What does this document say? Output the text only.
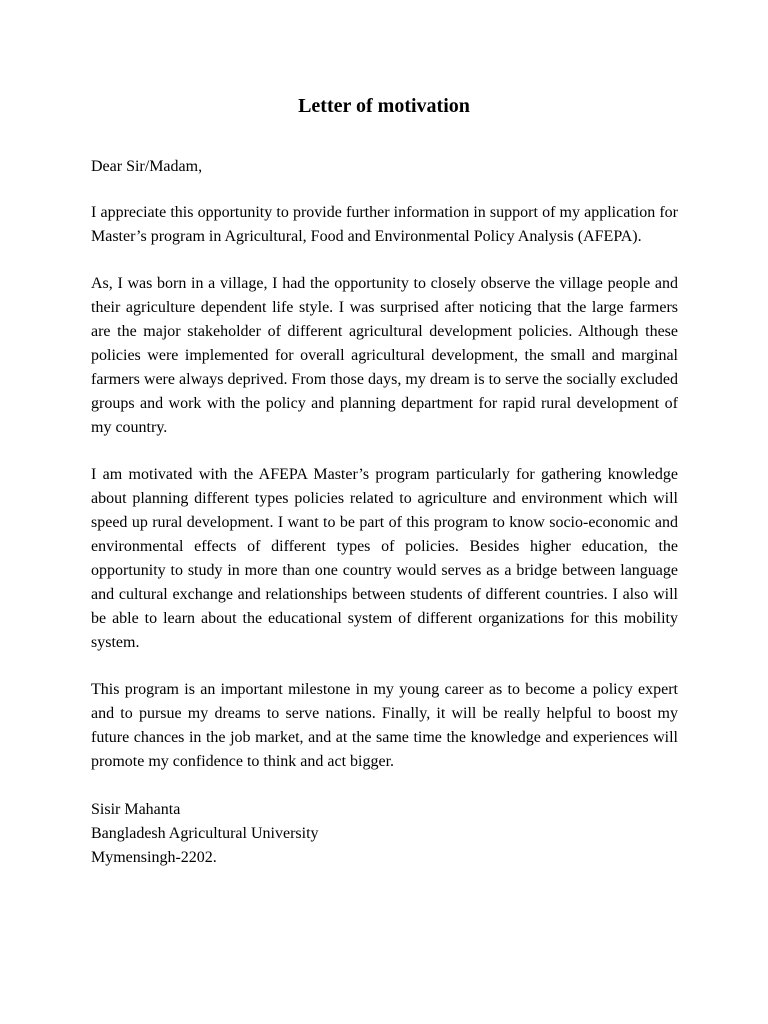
Letter of motivation

Dear Sir/Madam,

I appreciate this opportunity to provide further information in support of my application for Master’s program in Agricultural, Food and Environmental Policy Analysis (AFEPA).

As, I was born in a village, I had the opportunity to closely observe the village people and their agriculture dependent life style. I was surprised after noticing that the large farmers are the major stakeholder of different agricultural development policies. Although these policies were implemented for overall agricultural development, the small and marginal farmers were always deprived. From those days, my dream is to serve the socially excluded groups and work with the policy and planning department for rapid rural development of my country.

I am motivated with the AFEPA Master’s program particularly for gathering knowledge about planning different types policies related to agriculture and environment which will speed up rural development. I want to be part of this program to know socio-economic and environmental effects of different types of policies. Besides higher education, the opportunity to study in more than one country would serves as a bridge between language and cultural exchange and relationships between students of different countries. I also will be able to learn about the educational system of different organizations for this mobility system.

This program is an important milestone in my young career as to become a policy expert and to pursue my dreams to serve nations. Finally, it will be really helpful to boost my future chances in the job market, and at the same time the knowledge and experiences will promote my confidence to think and act bigger.

Sisir Mahanta

Bangladesh Agricultural University

Mymensingh-2202.
